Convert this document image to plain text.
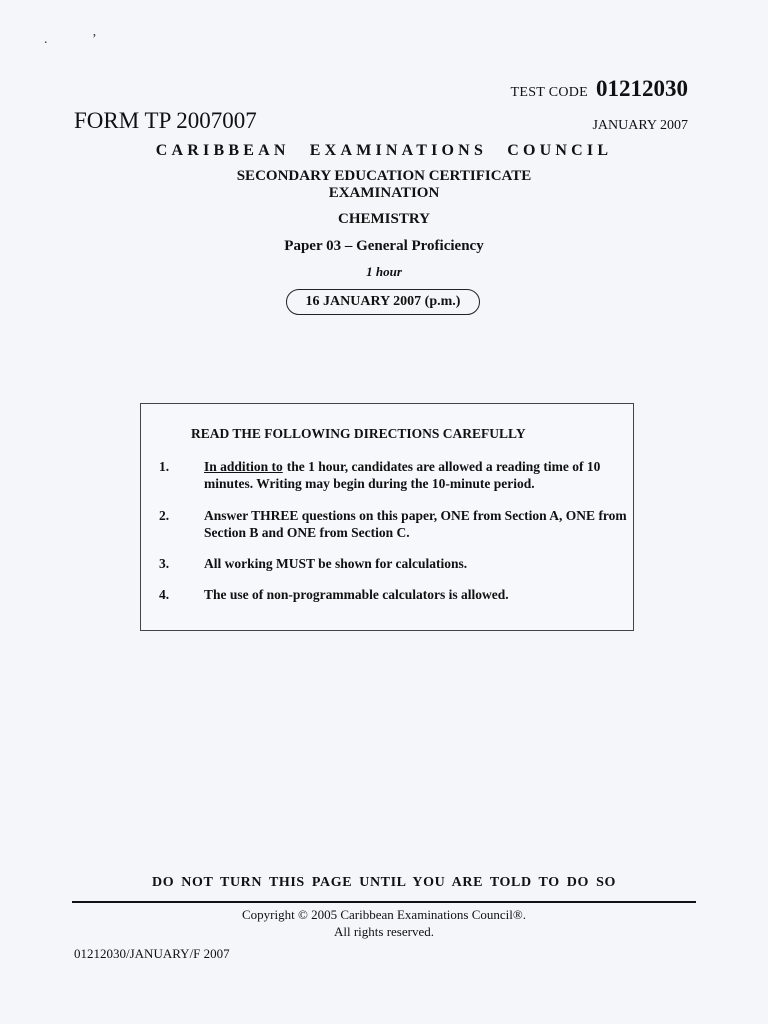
.	’
TEST CODE 01212030
FORM TP 2007007	JANUARY 2007
CARIBBEAN EXAMINATIONS COUNCIL
SECONDARY EDUCATION CERTIFICATE
EXAMINATION
CHEMISTRY
Paper 03 – General Proficiency
1 hour
16 JANUARY 2007 (p.m.)
READ THE FOLLOWING DIRECTIONS CAREFULLY
1.	In addition to the 1 hour, candidates are allowed a reading time of 10 minutes. Writing may begin during the 10-minute period.
2.	Answer THREE questions on this paper, ONE from Section A, ONE from Section B and ONE from Section C.
3.	All working MUST be shown for calculations.
4.	The use of non-programmable calculators is allowed.
DO NOT TURN THIS PAGE UNTIL YOU ARE TOLD TO DO SO
Copyright © 2005 Caribbean Examinations Council®.
All rights reserved.
01212030/JANUARY/F 2007
